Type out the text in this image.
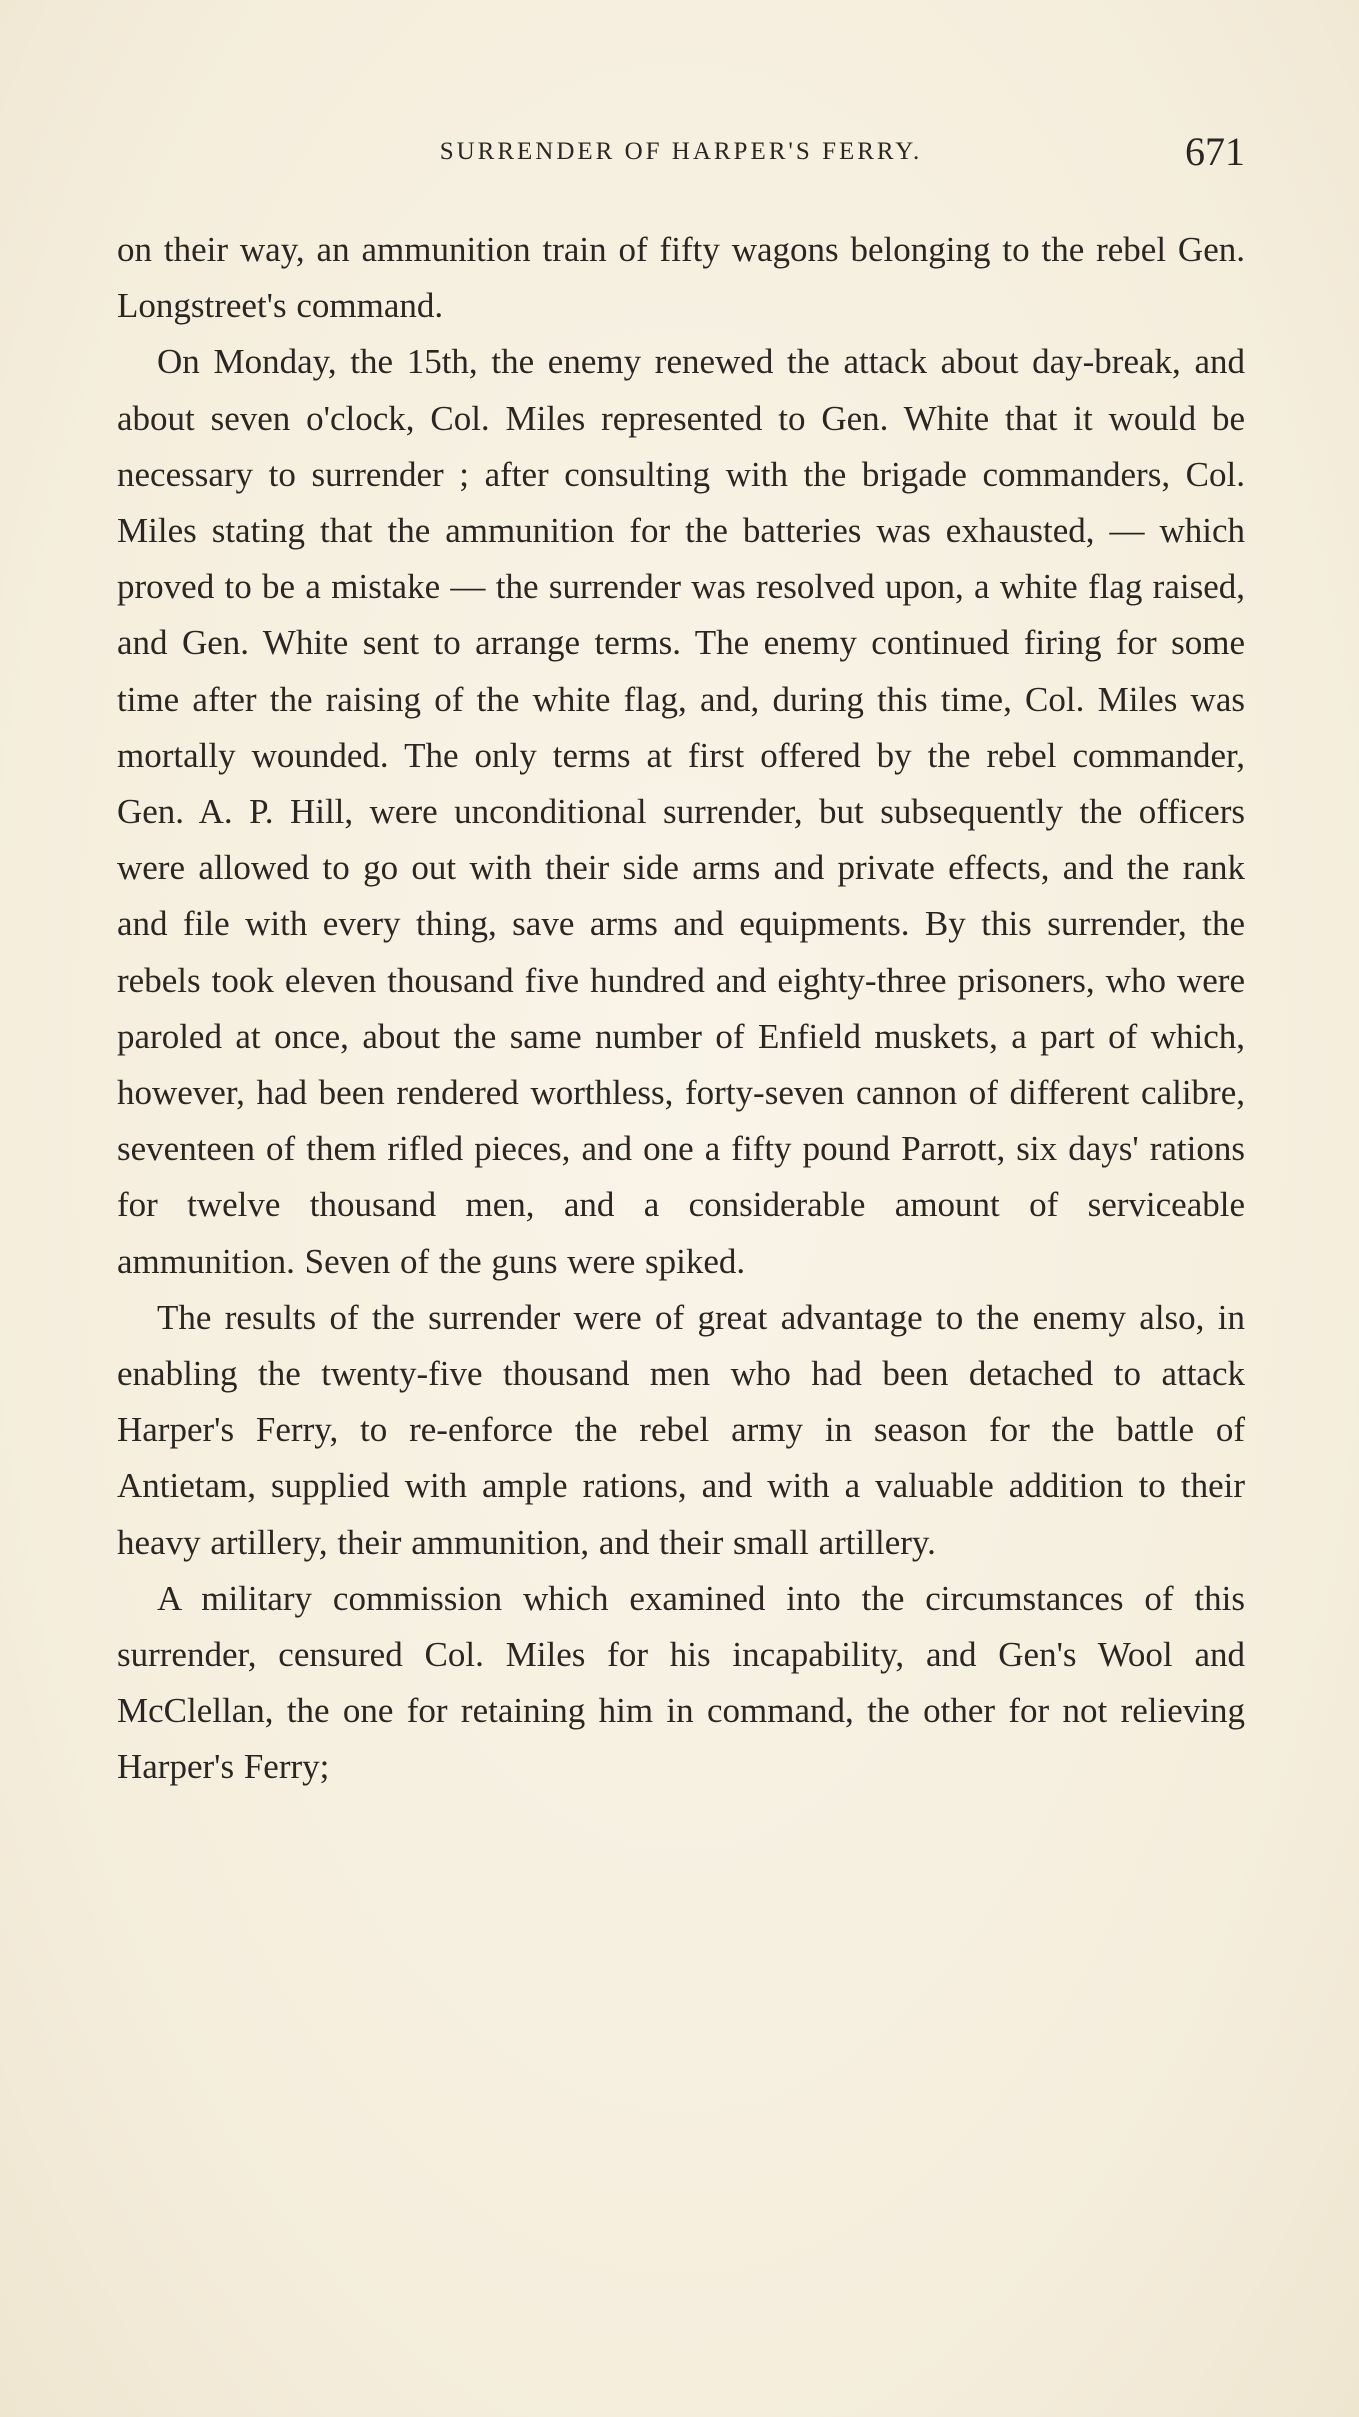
SURRENDER OF HARPER'S FERRY.	671

on their way, an ammunition train of fifty wagons belonging to the rebel Gen. Longstreet's command.

On Monday, the 15th, the enemy renewed the attack about day-break, and about seven o'clock, Col. Miles represented to Gen. White that it would be necessary to surrender ; after consulting with the brigade commanders, Col. Miles stating that the ammunition for the batteries was exhausted, — which proved to be a mistake — the surrender was resolved upon, a white flag raised, and Gen. White sent to arrange terms. The enemy continued firing for some time after the raising of the white flag, and, during this time, Col. Miles was mortally wounded. The only terms at first offered by the rebel commander, Gen. A. P. Hill, were unconditional surrender, but subsequently the officers were allowed to go out with their side arms and private effects, and the rank and file with every thing, save arms and equipments. By this surrender, the rebels took eleven thousand five hundred and eighty-three prisoners, who were paroled at once, about the same number of Enfield muskets, a part of which, however, had been rendered worthless, forty-seven cannon of different calibre, seventeen of them rifled pieces, and one a fifty pound Parrott, six days' rations for twelve thousand men, and a considerable amount of serviceable ammunition. Seven of the guns were spiked.

The results of the surrender were of great advantage to the enemy also, in enabling the twenty-five thousand men who had been detached to attack Harper's Ferry, to re-enforce the rebel army in season for the battle of Antietam, supplied with ample rations, and with a valuable addition to their heavy artillery, their ammunition, and their small artillery.

A military commission which examined into the circumstances of this surrender, censured Col. Miles for his incapability, and Gen's Wool and McClellan, the one for retaining him in command, the other for not relieving Harper's Ferry;
